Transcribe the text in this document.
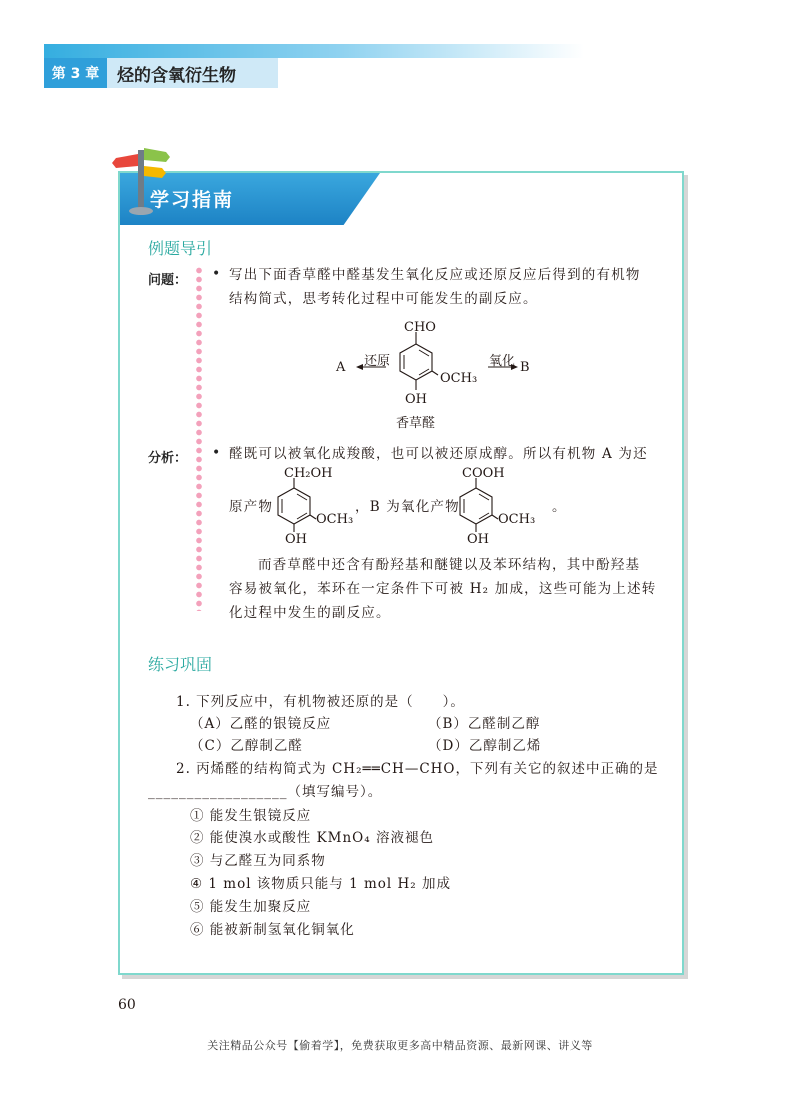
第 3 章	烃的含氧衍生物
学习指南
例题导引
问题： • 写出下面香草醛中醛基发生氧化反应或还原反应后得到的有机物
结构简式，思考转化过程中可能发生的副反应。
CHO
OCH₃
OH
A	B
还原	氧化
香草醛
分析： • 醛既可以被氧化成羧酸，也可以被还原成醇。所以有机物 A 为还
CH₂OH
OCH₃
OH
原产物	，B 为氧化产物
COOH
OCH₃
OH
。
而香草醛中还含有酚羟基和醚键以及苯环结构，其中酚羟基
容易被氧化，苯环在一定条件下可被 H₂ 加成，这些可能为上述转
化过程中发生的副反应。
练习巩固
1. 下列反应中，有机物被还原的是（　　）。
（A）乙醛的银镜反应	（B）乙醛制乙醇
（C）乙醇制乙醛	（D）乙醇制乙烯
2. 丙烯醛的结构简式为 CH₂══CH—CHO，下列有关它的叙述中正确的是
__________________（填写编号）。
① 能发生银镜反应
② 能使溴水或酸性 KMnO₄ 溶液褪色
③ 与乙醛互为同系物
④ 1 mol 该物质只能与 1 mol H₂ 加成
⑤ 能发生加聚反应
⑥ 能被新制氢氧化铜氧化
60
关注精品公众号【偷着学】，免费获取更多高中精品资源、最新网课、讲义等
